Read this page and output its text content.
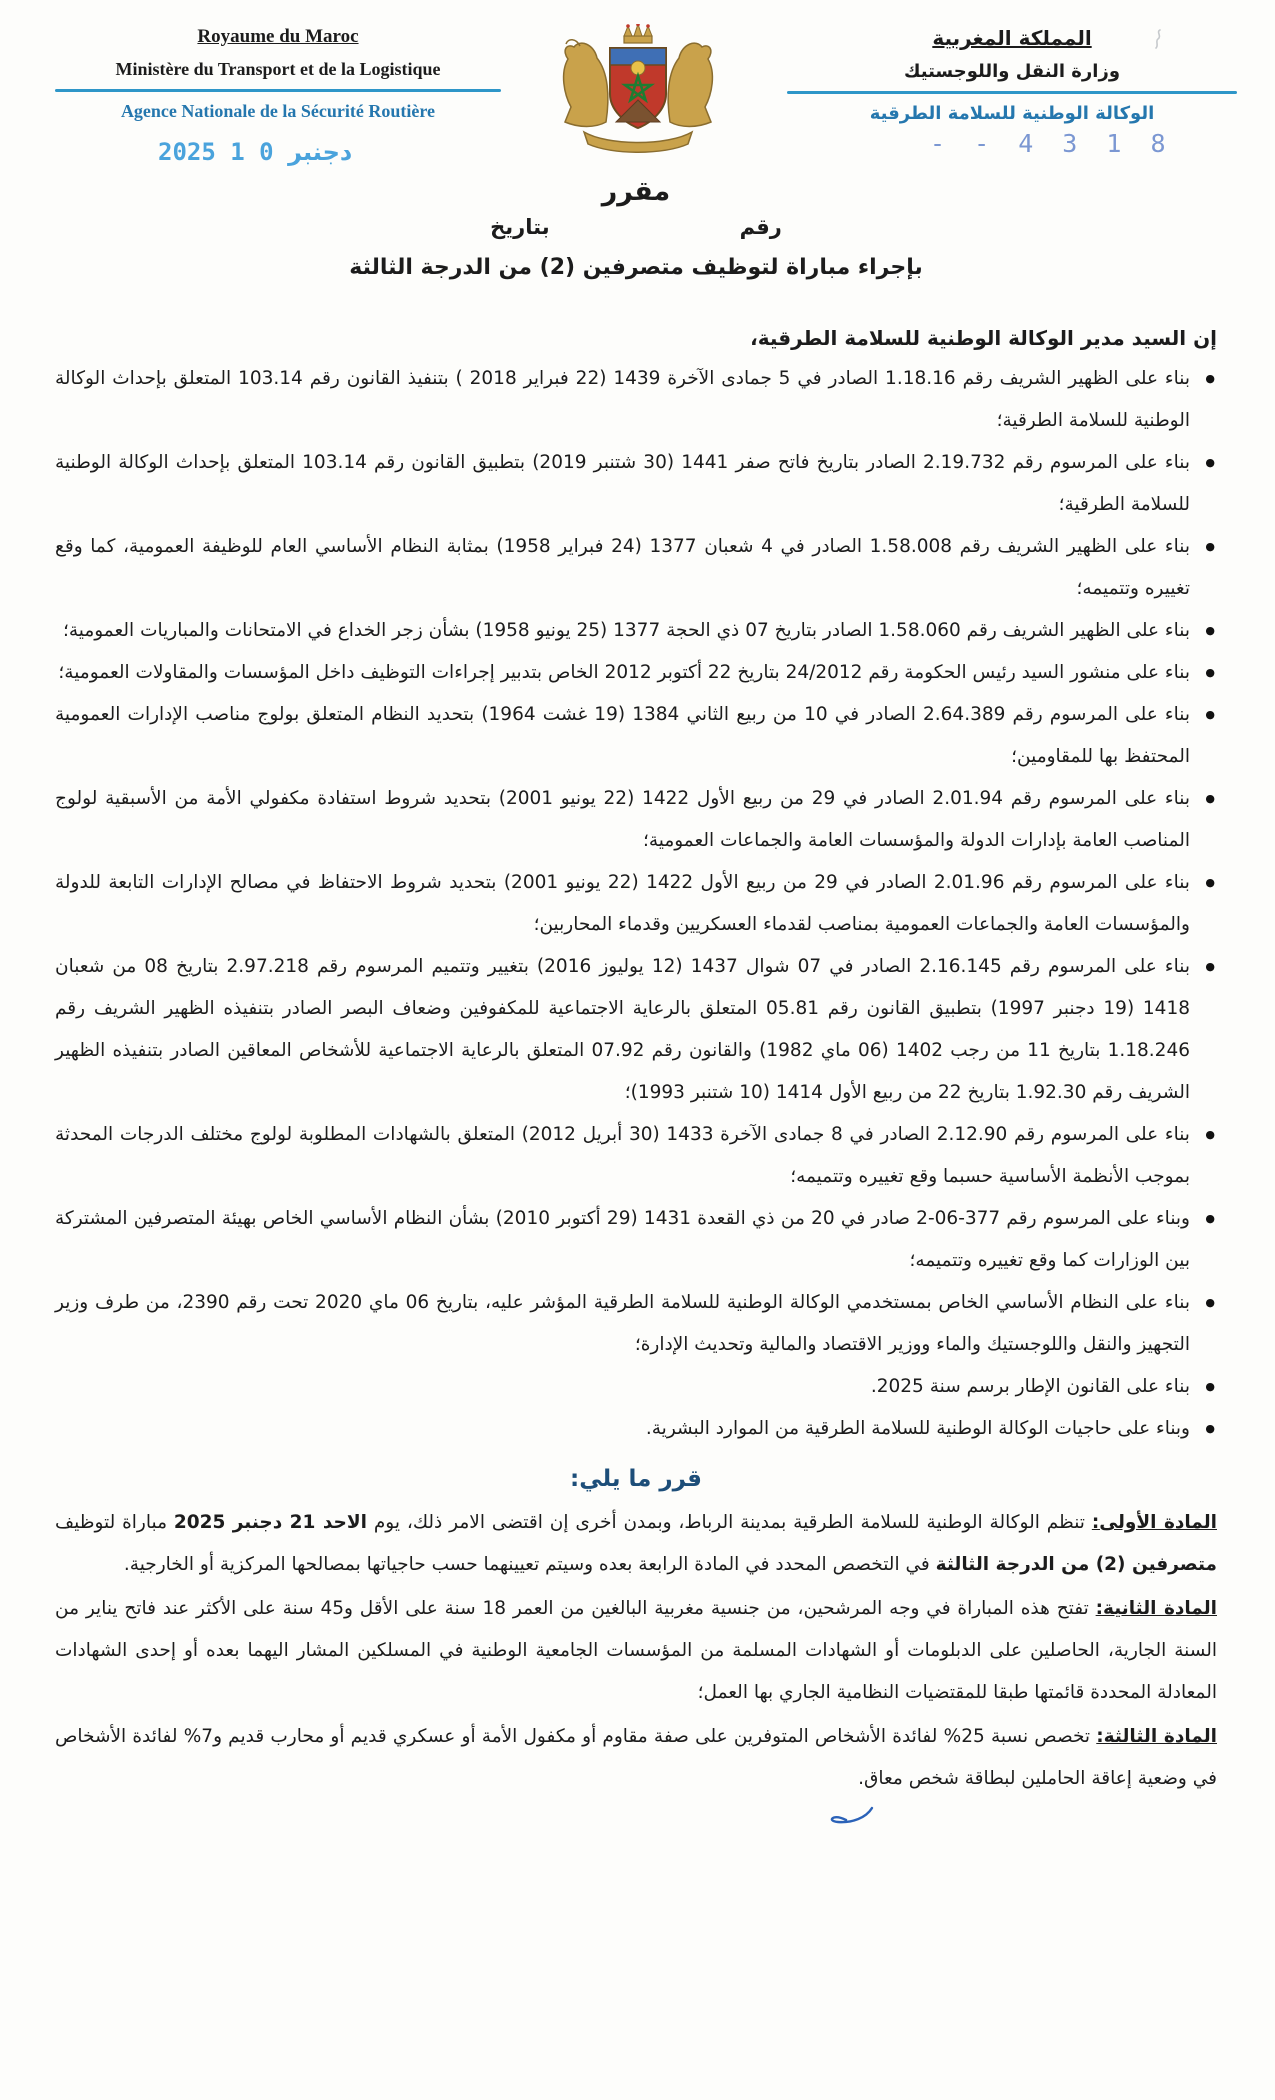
Royaume du Maroc
Ministère du Transport et de la Logistique
Agence Nationale de la Sécurité Routière
المملكة المغربية
وزارة النقل واللوجستيك
الوكالة الوطنية للسلامة الطرقية
2025	دجنبر 0 1	- - 4 3 1 8
مقرر
رقم
بتاريخ
بإجراء مباراة لتوظيف متصرفين (2) من الدرجة الثالثة
إن السيد مدير الوكالة الوطنية للسلامة الطرقية،
● بناء على الظهير الشريف رقم 1.18.16 الصادر في 5 جمادى الآخرة 1439 (22 فبراير 2018 ) بتنفيذ القانون رقم 103.14 المتعلق بإحداث الوكالة الوطنية للسلامة الطرقية؛
● بناء على المرسوم رقم 2.19.732 الصادر بتاريخ فاتح صفر 1441 (30 شتنبر 2019) بتطبيق القانون رقم 103.14 المتعلق بإحداث الوكالة الوطنية للسلامة الطرقية؛
● بناء على الظهير الشريف رقم 1.58.008 الصادر في 4 شعبان 1377 (24 فبراير 1958) بمثابة النظام الأساسي العام للوظيفة العمومية، كما وقع تغييره وتتميمه؛
● بناء على الظهير الشريف رقم 1.58.060 الصادر بتاريخ 07 ذي الحجة 1377 (25 يونيو 1958) بشأن زجر الخداع في الامتحانات والمباريات العمومية؛
● بناء على منشور السيد رئيس الحكومة رقم 24/2012 بتاريخ 22 أكتوبر 2012 الخاص بتدبير إجراءات التوظيف داخل المؤسسات والمقاولات العمومية؛
● بناء على المرسوم رقم 2.64.389 الصادر في 10 من ربيع الثاني 1384 (19 غشت 1964) بتحديد النظام المتعلق بولوج مناصب الإدارات العمومية المحتفظ بها للمقاومين؛
● بناء على المرسوم رقم 2.01.94 الصادر في 29 من ربيع الأول 1422 (22 يونيو 2001) بتحديد شروط استفادة مكفولي الأمة من الأسبقية لولوج المناصب العامة بإدارات الدولة والمؤسسات العامة والجماعات العمومية؛
● بناء على المرسوم رقم 2.01.96 الصادر في 29 من ربيع الأول 1422 (22 يونيو 2001) بتحديد شروط الاحتفاظ في مصالح الإدارات التابعة للدولة والمؤسسات العامة والجماعات العمومية بمناصب لقدماء العسكريين وقدماء المحاربين؛
● بناء على المرسوم رقم 2.16.145 الصادر في 07 شوال 1437 (12 يوليوز 2016) بتغيير وتتميم المرسوم رقم 2.97.218 بتاريخ 08 من شعبان 1418 (19 دجنبر 1997) بتطبيق القانون رقم 05.81 المتعلق بالرعاية الاجتماعية للمكفوفين وضعاف البصر الصادر بتنفيذه الظهير الشريف رقم 1.18.246 بتاريخ 11 من رجب 1402 (06 ماي 1982) والقانون رقم 07.92 المتعلق بالرعاية الاجتماعية للأشخاص المعاقين الصادر بتنفيذه الظهير الشريف رقم 1.92.30 بتاريخ 22 من ربيع الأول 1414 (10 شتنبر 1993)؛
● بناء على المرسوم رقم 2.12.90 الصادر في 8 جمادى الآخرة 1433 (30 أبريل 2012) المتعلق بالشهادات المطلوبة لولوج مختلف الدرجات المحدثة بموجب الأنظمة الأساسية حسبما وقع تغييره وتتميمه؛
● وبناء على المرسوم رقم 377-06-2 صادر في 20 من ذي القعدة 1431 (29 أكتوبر 2010) بشأن النظام الأساسي الخاص بهيئة المتصرفين المشتركة بين الوزارات كما وقع تغييره وتتميمه؛
● بناء على النظام الأساسي الخاص بمستخدمي الوكالة الوطنية للسلامة الطرقية المؤشر عليه، بتاريخ 06 ماي 2020 تحت رقم 2390، من طرف وزير التجهيز والنقل واللوجستيك والماء ووزير الاقتصاد والمالية وتحديث الإدارة؛
● بناء على القانون الإطار برسم سنة 2025.
● وبناء على حاجيات الوكالة الوطنية للسلامة الطرقية من الموارد البشرية.
قرر ما يلي:
المادة الأولى: تنظم الوكالة الوطنية للسلامة الطرقية بمدينة الرباط، وبمدن أخرى إن اقتضى الامر ذلك، يوم الاحد 21 دجنبر 2025 مباراة لتوظيف متصرفين (2) من الدرجة الثالثة في التخصص المحدد في المادة الرابعة بعده وسيتم تعيينهما حسب حاجياتها بمصالحها المركزية أو الخارجية.
المادة الثانية: تفتح هذه المباراة في وجه المرشحين، من جنسية مغربية البالغين من العمر 18 سنة على الأقل و45 سنة على الأكثر عند فاتح يناير من السنة الجارية، الحاصلين على الدبلومات أو الشهادات المسلمة من المؤسسات الجامعية الوطنية في المسلكين المشار اليهما بعده أو إحدى الشهادات المعادلة المحددة قائمتها طبقا للمقتضيات النظامية الجاري بها العمل؛
المادة الثالثة: تخصص نسبة 25% لفائدة الأشخاص المتوفرين على صفة مقاوم أو مكفول الأمة أو عسكري قديم أو محارب قديم و7% لفائدة الأشخاص في وضعية إعاقة الحاملين لبطاقة شخص معاق.
